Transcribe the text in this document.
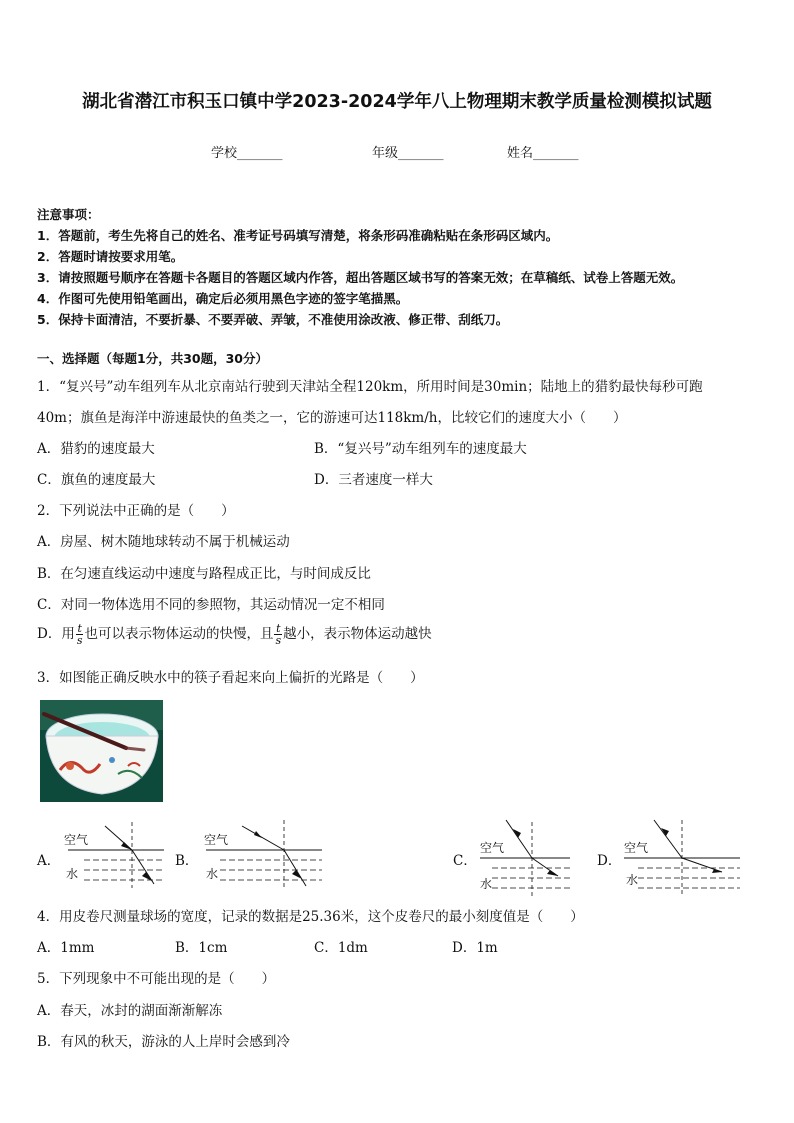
湖北省潜江市积玉口镇中学2023-2024学年八上物理期末教学质量检测模拟试题
学校_______	年级_______	姓名_______
注意事项：
1．答题前，考生先将自己的姓名、准考证号码填写清楚，将条形码准确粘贴在条形码区域内。
2．答题时请按要求用笔。
3．请按照题号顺序在答题卡各题目的答题区域内作答，超出答题区域书写的答案无效；在草稿纸、试卷上答题无效。
4．作图可先使用铅笔画出，确定后必须用黑色字迹的签字笔描黑。
5．保持卡面清洁，不要折暴、不要弄破、弄皱，不准使用涂改液、修正带、刮纸刀。
一、选择题（每题1分，共30题，30分）
1．“复兴号”动车组列车从北京南站行驶到天津站全程120km，所用时间是30min；陆地上的猎豹最快每秒可跑
40m；旗鱼是海洋中游速最快的鱼类之一，它的游速可达118km/h，比较它们的速度大小（　　）
A．猎豹的速度最大	B．“复兴号”动车组列车的速度最大
C．旗鱼的速度最大	D．三者速度一样大
2．下列说法中正确的是（　　）
A．房屋、树木随地球转动不属于机械运动
B．在匀速直线运动中速度与路程成正比，与时间成反比
C．对同一物体选用不同的参照物，其运动情况一定不相同
D．用 $\frac{t}{s}$ 也可以表示物体运动的快慢，且 $\frac{t}{s}$ 越小，表示物体运动越快
3．如图能正确反映水中的筷子看起来向上偏折的光路是（　　）
A．
空气
水
B．
空气
水
C．
空气
水
D．
空气
水
4．用皮卷尺测量球场的宽度，记录的数据是25.36米，这个皮卷尺的最小刻度值是（　　）
A．1mm	B．1cm	C．1dm	D．1m
5．下列现象中不可能出现的是（　　）
A．春天，冰封的湖面渐渐解冻
B．有风的秋天，游泳的人上岸时会感到冷
